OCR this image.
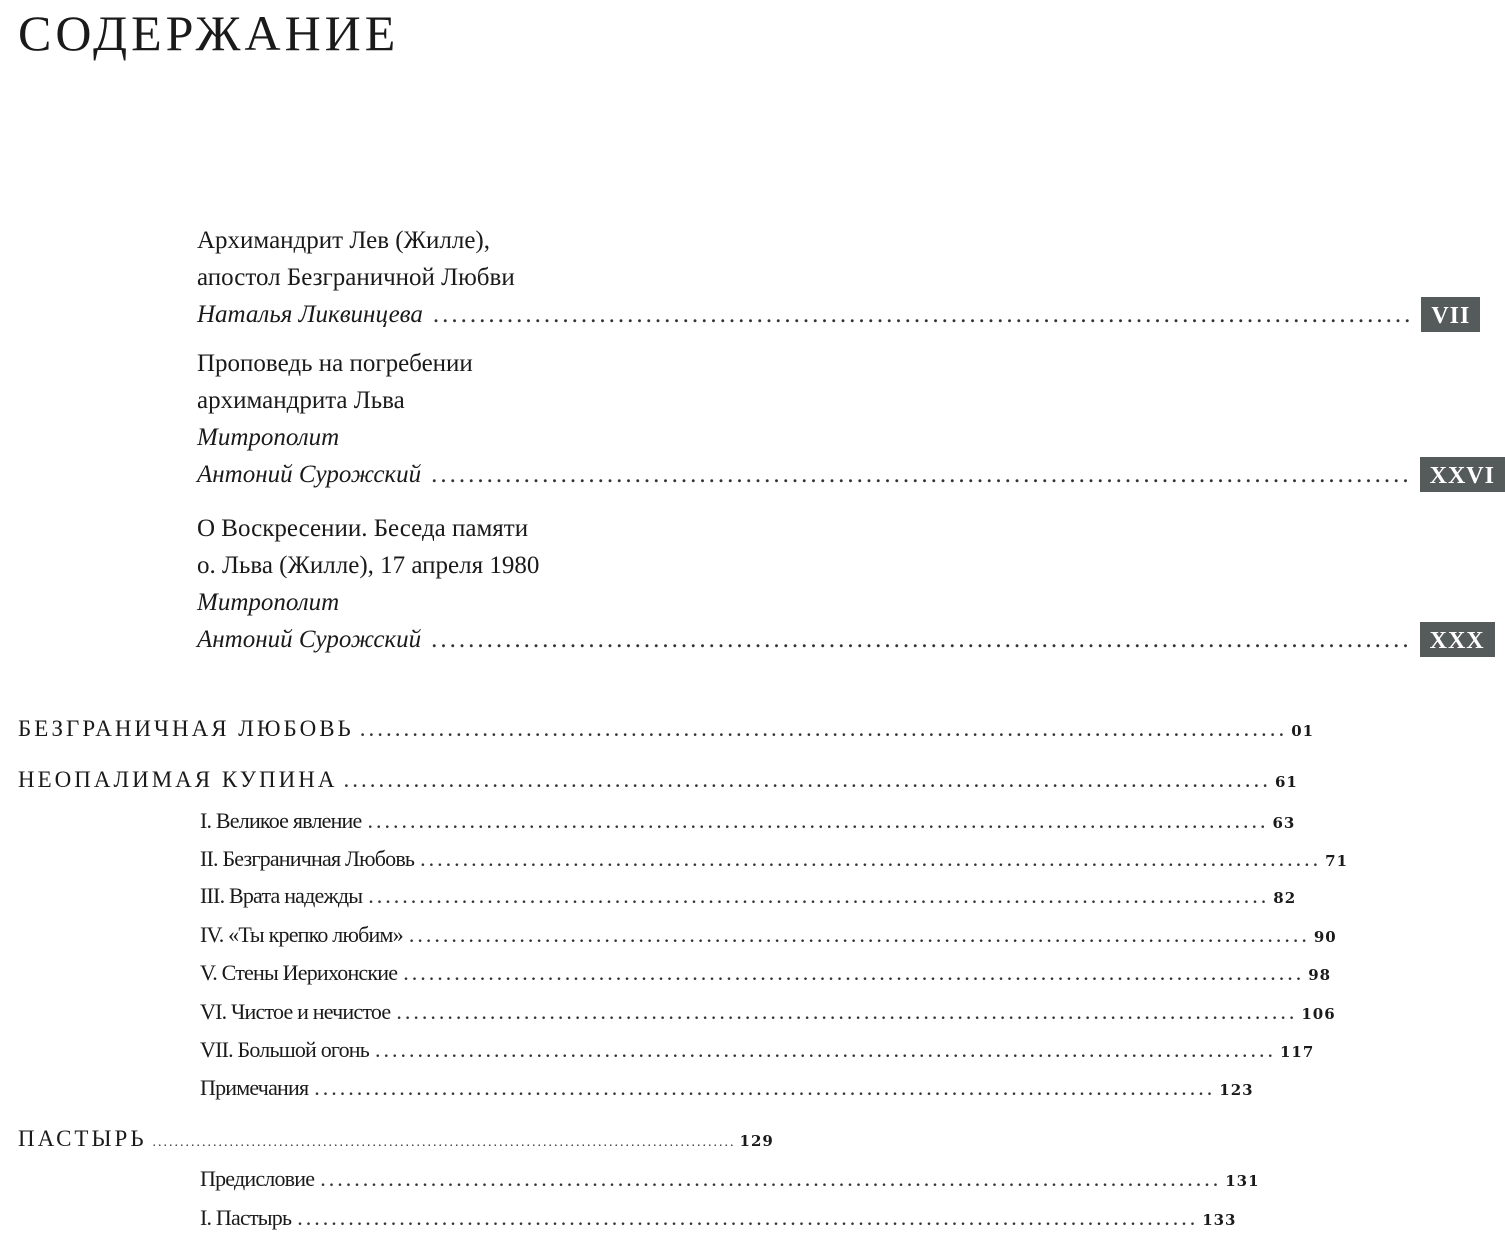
СОДЕРЖАНИЕ
Архимандрит Лев (Жилле),
апостол Безграничной Любви
Наталья Ликвинцева .......................................................................................................... VII
Проповедь на погребении
архимандрита Льва
Митрополит
Антоний Сурожский .......................................................................................................... XXVI
О Воскресении. Беседа памяти
о. Льва (Жилле), 17 апреля 1980
Митрополит
Антоний Сурожский .......................................................................................................... XXX
БЕЗГРАНИЧНАЯ ЛЮБОВЬ .......................................................................................................... 01
НЕОПАЛИМАЯ КУПИНА .......................................................................................................... 61
I. Великое явление .......................................................................................................... 63
II. Безграничная Любовь .......................................................................................................... 71
III. Врата надежды .......................................................................................................... 82
IV. «Ты крепко любим» .......................................................................................................... 90
V. Стены Иерихонские .......................................................................................................... 98
VI. Чистое и нечистое .......................................................................................................... 106
VII. Большой огонь .......................................................................................................... 117
Примечания .......................................................................................................... 123
ПАСТЫРЬ .......................................................................................................... 129
Предисловие .......................................................................................................... 131
I. Пастырь .......................................................................................................... 133
